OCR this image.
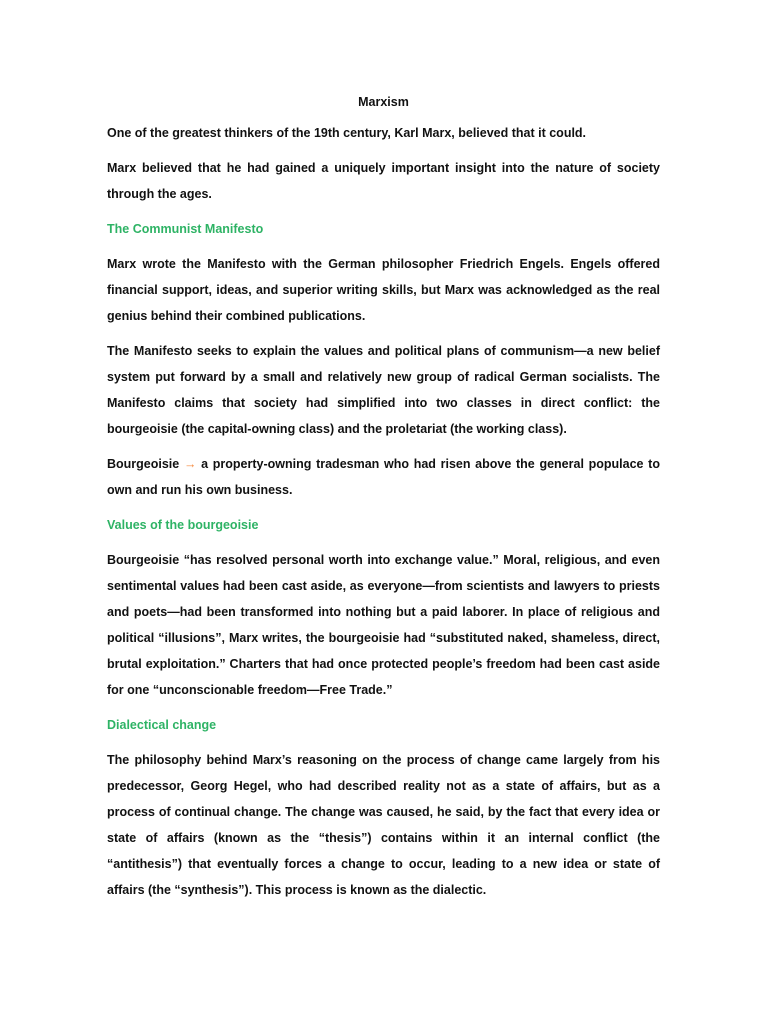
Marxism

One of the greatest thinkers of the 19th century, Karl Marx, believed that it could.

Marx believed that he had gained a uniquely important insight into the nature of society through the ages.

The Communist Manifesto

Marx wrote the Manifesto with the German philosopher Friedrich Engels. Engels offered financial support, ideas, and superior writing skills, but Marx was acknowledged as the real genius behind their combined publications.

The Manifesto seeks to explain the values and political plans of communism—a new belief system put forward by a small and relatively new group of radical German socialists. The Manifesto claims that society had simplified into two classes in direct conflict: the bourgeoisie (the capital-owning class) and the proletariat (the working class).

Bourgeoisie → a property-owning tradesman who had risen above the general populace to own and run his own business.

Values of the bourgeoisie

Bourgeoisie “has resolved personal worth into exchange value.” Moral, religious, and even sentimental values had been cast aside, as everyone—from scientists and lawyers to priests and poets—had been transformed into nothing but a paid laborer. In place of religious and political “illusions”, Marx writes, the bourgeoisie had “substituted naked, shameless, direct, brutal exploitation.” Charters that had once protected people’s freedom had been cast aside for one “unconscionable freedom—Free Trade.”

Dialectical change

The philosophy behind Marx’s reasoning on the process of change came largely from his predecessor, Georg Hegel, who had described reality not as a state of affairs, but as a process of continual change. The change was caused, he said, by the fact that every idea or state of affairs (known as the “thesis”) contains within it an internal conflict (the “antithesis”) that eventually forces a change to occur, leading to a new idea or state of affairs (the “synthesis”). This process is known as the dialectic.
